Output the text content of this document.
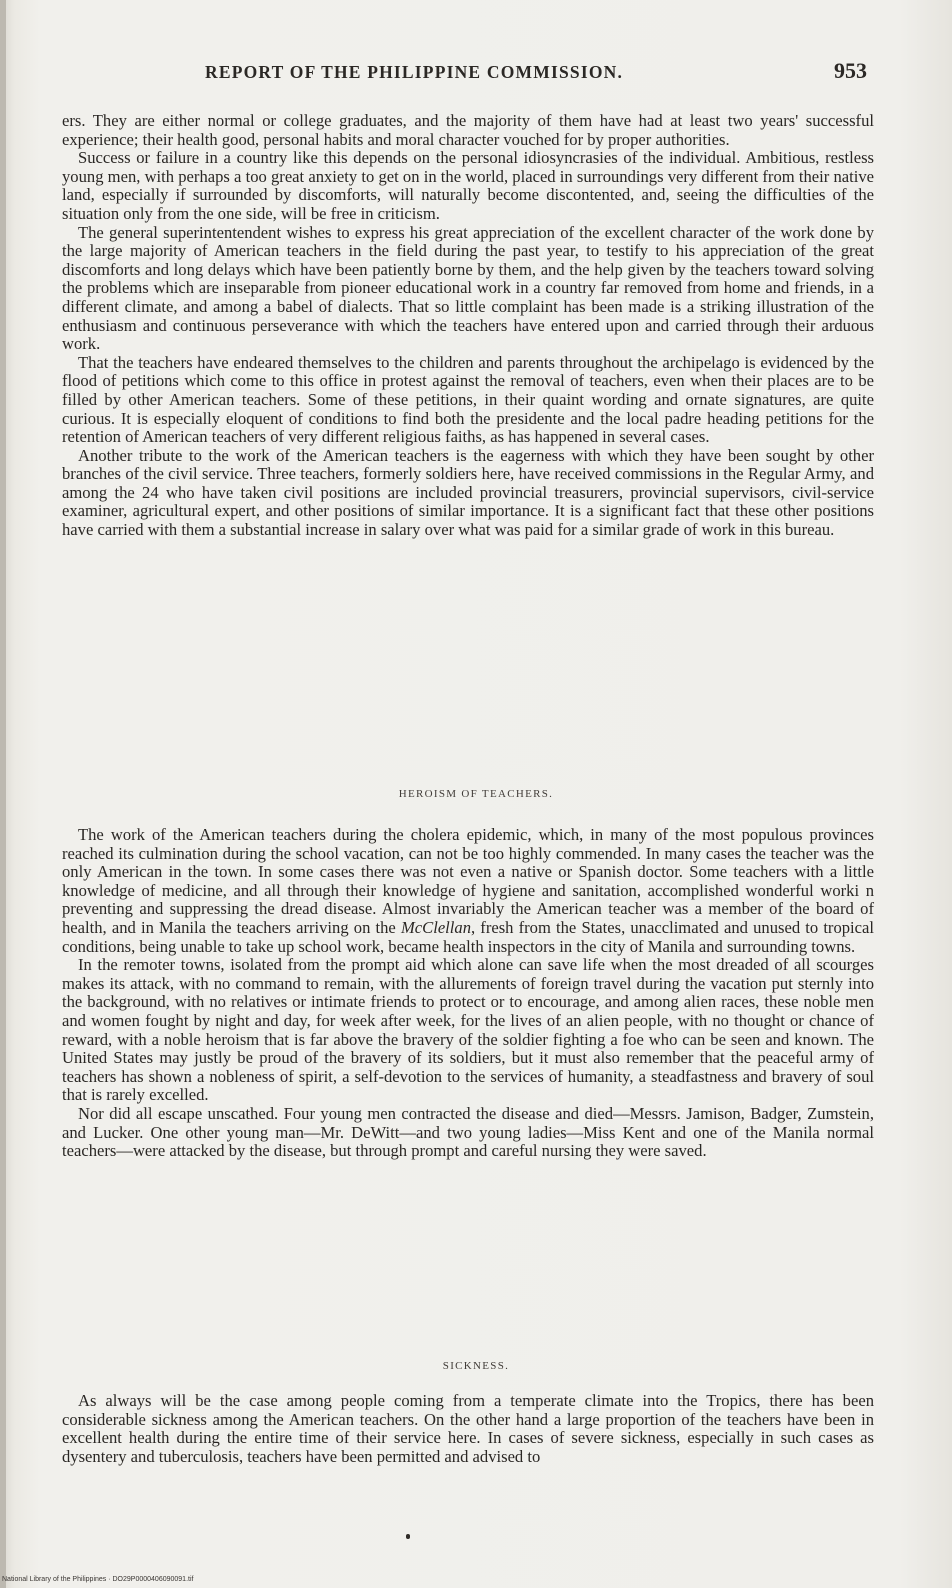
REPORT OF THE PHILIPPINE COMMISSION.	953

ers. They are either normal or college graduates, and the majority of them have had at least two years' successful experience; their health good, personal habits and moral character vouched for by proper authorities.

Success or failure in a country like this depends on the personal idiosyncrasies of the individual. Ambitious, restless young men, with perhaps a too great anxiety to get on in the world, placed in surroundings very different from their native land, especially if surrounded by discomforts, will naturally become discontented, and, seeing the difficulties of the situation only from the one side, will be free in criticism.

The general superintentendent wishes to express his great appreciation of the excellent character of the work done by the large majority of American teachers in the field during the past year, to testify to his appreciation of the great discomforts and long delays which have been patiently borne by them, and the help given by the teachers toward solving the problems which are inseparable from pioneer educational work in a country far removed from home and friends, in a different climate, and among a babel of dialects. That so little complaint has been made is a striking illustration of the enthusiasm and continuous perseverance with which the teachers have entered upon and carried through their arduous work.

That the teachers have endeared themselves to the children and parents throughout the archipelago is evidenced by the flood of petitions which come to this office in protest against the removal of teachers, even when their places are to be filled by other American teachers. Some of these petitions, in their quaint wording and ornate signatures, are quite curious. It is especially eloquent of conditions to find both the presidente and the local padre heading petitions for the retention of American teachers of very different religious faiths, as has happened in several cases.

Another tribute to the work of the American teachers is the eagerness with which they have been sought by other branches of the civil service. Three teachers, formerly soldiers here, have received commissions in the Regular Army, and among the 24 who have taken civil positions are included provincial treasurers, provincial supervisors, civil-service examiner, agricultural expert, and other positions of similar importance. It is a significant fact that these other positions have carried with them a substantial increase in salary over what was paid for a similar grade of work in this bureau.

HEROISM OF TEACHERS.

The work of the American teachers during the cholera epidemic, which, in many of the most populous provinces reached its culmination during the school vacation, can not be too highly commended. In many cases the teacher was the only American in the town. In some cases there was not even a native or Spanish doctor. Some teachers with a little knowledge of medicine, and all through their knowledge of hygiene and sanitation, accomplished wonderful worki n preventing and suppressing the dread disease. Almost invariably the American teacher was a member of the board of health, and in Manila the teachers arriving on the McClellan, fresh from the States, unacclimated and unused to tropical conditions, being unable to take up school work, became health inspectors in the city of Manila and surrounding towns.

In the remoter towns, isolated from the prompt aid which alone can save life when the most dreaded of all scourges makes its attack, with no command to remain, with the allurements of foreign travel during the vacation put sternly into the background, with no relatives or intimate friends to protect or to encourage, and among alien races, these noble men and women fought by night and day, for week after week, for the lives of an alien people, with no thought or chance of reward, with a noble heroism that is far above the bravery of the soldier fighting a foe who can be seen and known. The United States may justly be proud of the bravery of its soldiers, but it must also remember that the peaceful army of teachers has shown a nobleness of spirit, a self-devotion to the services of humanity, a steadfastness and bravery of soul that is rarely excelled.

Nor did all escape unscathed. Four young men contracted the disease and died—Messrs. Jamison, Badger, Zumstein, and Lucker. One other young man—Mr. DeWitt—and two young ladies—Miss Kent and one of the Manila normal teachers—were attacked by the disease, but through prompt and careful nursing they were saved.

SICKNESS.

As always will be the case among people coming from a temperate climate into the Tropics, there has been considerable sickness among the American teachers. On the other hand a large proportion of the teachers have been in excellent health during the entire time of their service here. In cases of severe sickness, especially in such cases as dysentery and tuberculosis, teachers have been permitted and advised to

National Library of the Philippines · DO29P0000406090091.tif
